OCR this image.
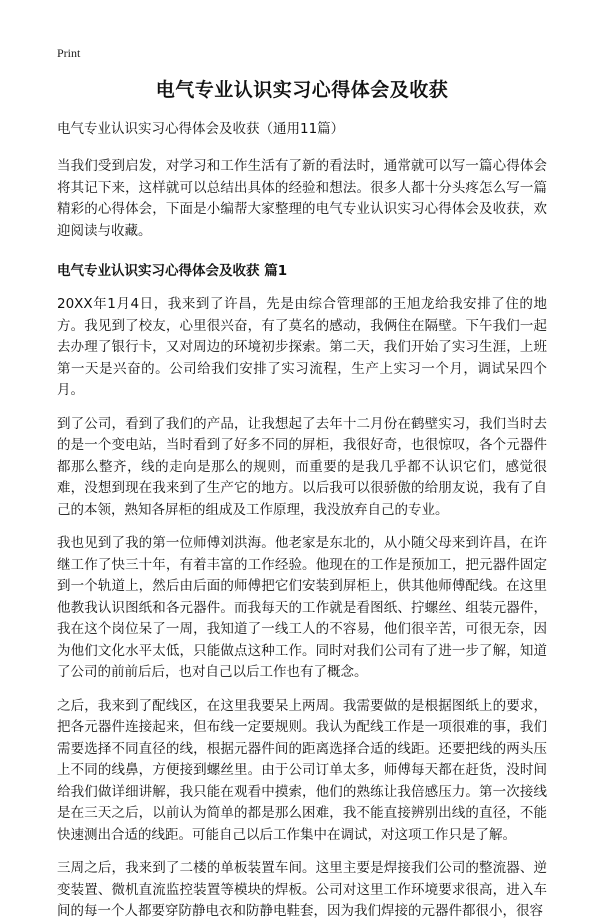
Print
电气专业认识实习心得体会及收获

电气专业认识实习心得体会及收获（通用11篇）

当我们受到启发，对学习和工作生活有了新的看法时，通常就可以写一篇心得体会将其记下来，这样就可以总结出具体的经验和想法。很多人都十分头疼怎么写一篇精彩的心得体会，下面是小编帮大家整理的电气专业认识实习心得体会及收获，欢迎阅读与收藏。

电气专业认识实习心得体会及收获 篇1

20XX年1月4日，我来到了许昌，先是由综合管理部的王旭龙给我安排了住的地方。我见到了校友，心里很兴奋，有了莫名的感动，我俩住在隔壁。下午我们一起去办理了银行卡，又对周边的环境初步探索。第二天，我们开始了实习生涯，上班第一天是兴奋的。公司给我们安排了实习流程，生产上实习一个月，调试呆四个月。

到了公司，看到了我们的产品，让我想起了去年十二月份在鹤壁实习，我们当时去的是一个变电站，当时看到了好多不同的屏柜，我很好奇，也很惊叹，各个元器件都那么整齐，线的走向是那么的规则，而重要的是我几乎都不认识它们，感觉很难，没想到现在我来到了生产它的地方。以后我可以很骄傲的给朋友说，我有了自己的本领，熟知各屏柜的组成及工作原理，我没放弃自己的专业。

我也见到了我的第一位师傅刘洪海。他老家是东北的，从小随父母来到许昌，在许继工作了快三十年，有着丰富的工作经验。他现在的工作是预加工，把元器件固定到一个轨道上，然后由后面的师傅把它们安装到屏柜上，供其他师傅配线。在这里他教我认识图纸和各元器件。而我每天的工作就是看图纸、拧螺丝、组装元器件，我在这个岗位呆了一周，我知道了一线工人的不容易，他们很辛苦，可很无奈，因为他们文化水平太低，只能做点这种工作。同时对我们公司有了进一步了解，知道了公司的前前后后，也对自己以后工作也有了概念。

之后，我来到了配线区，在这里我要呆上两周。我需要做的是根据图纸上的要求，把各元器件连接起来，但布线一定要规则。我认为配线工作是一项很难的事，我们需要选择不同直径的线，根据元器件间的距离选择合适的线距。还要把线的两头压上不同的线鼻，方便接到螺丝里。由于公司订单太多，师傅每天都在赶货，没时间给我们做详细讲解，我只能在观看中摸索，他们的熟练让我倍感压力。第一次接线是在三天之后，以前认为简单的都是那么困难，我不能直接辨别出线的直径，不能快速测出合适的线距。可能自己以后工作集中在调试，对这项工作只是了解。

三周之后，我来到了二楼的单板装置车间。这里主要是焊接我们公司的整流器、逆变装置、微机直流监控装置等模块的焊板。公司对这里工作环境要求很高，进入车间的每一个人都要穿防静电衣和防静电鞋套，因为我们焊接的元器件都很小，很容
